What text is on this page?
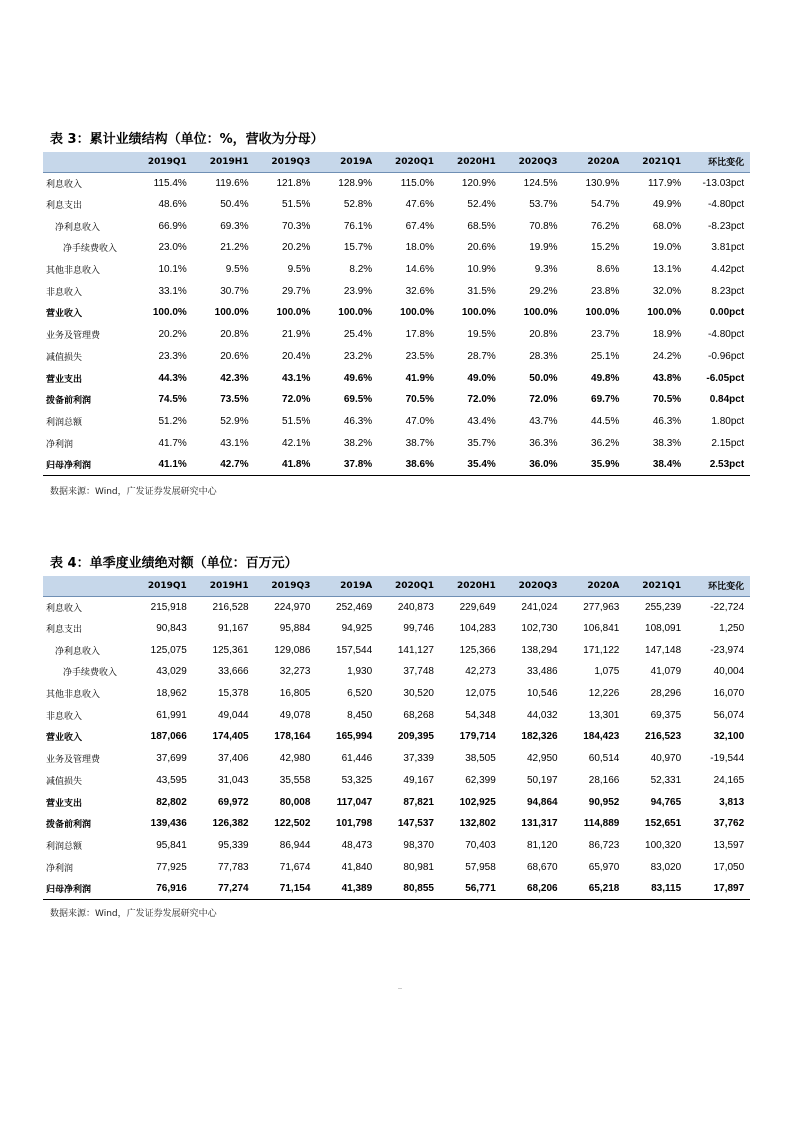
表 3：累计业绩结构（单位：%，营收为分母）
	2019Q1	2019H1	2019Q3	2019A	2020Q1	2020H1	2020Q3	2020A	2021Q1	环比变化
利息收入	115.4%	119.6%	121.8%	128.9%	115.0%	120.9%	124.5%	130.9%	117.9%	-13.03pct
利息支出	48.6%	50.4%	51.5%	52.8%	47.6%	52.4%	53.7%	54.7%	49.9%	-4.80pct
净利息收入	66.9%	69.3%	70.3%	76.1%	67.4%	68.5%	70.8%	76.2%	68.0%	-8.23pct
净手续费收入	23.0%	21.2%	20.2%	15.7%	18.0%	20.6%	19.9%	15.2%	19.0%	3.81pct
其他非息收入	10.1%	9.5%	9.5%	8.2%	14.6%	10.9%	9.3%	8.6%	13.1%	4.42pct
非息收入	33.1%	30.7%	29.7%	23.9%	32.6%	31.5%	29.2%	23.8%	32.0%	8.23pct
营业收入	100.0%	100.0%	100.0%	100.0%	100.0%	100.0%	100.0%	100.0%	100.0%	0.00pct
业务及管理费	20.2%	20.8%	21.9%	25.4%	17.8%	19.5%	20.8%	23.7%	18.9%	-4.80pct
减值损失	23.3%	20.6%	20.4%	23.2%	23.5%	28.7%	28.3%	25.1%	24.2%	-0.96pct
营业支出	44.3%	42.3%	43.1%	49.6%	41.9%	49.0%	50.0%	49.8%	43.8%	-6.05pct
拨备前利润	74.5%	73.5%	72.0%	69.5%	70.5%	72.0%	72.0%	69.7%	70.5%	0.84pct
利润总额	51.2%	52.9%	51.5%	46.3%	47.0%	43.4%	43.7%	44.5%	46.3%	1.80pct
净利润	41.7%	43.1%	42.1%	38.2%	38.7%	35.7%	36.3%	36.2%	38.3%	2.15pct
归母净利润	41.1%	42.7%	41.8%	37.8%	38.6%	35.4%	36.0%	35.9%	38.4%	2.53pct
数据来源：Wind，广发证券发展研究中心
表 4：单季度业绩绝对额（单位：百万元）
	2019Q1	2019H1	2019Q3	2019A	2020Q1	2020H1	2020Q3	2020A	2021Q1	环比变化
利息收入	215,918	216,528	224,970	252,469	240,873	229,649	241,024	277,963	255,239	-22,724
利息支出	90,843	91,167	95,884	94,925	99,746	104,283	102,730	106,841	108,091	1,250
净利息收入	125,075	125,361	129,086	157,544	141,127	125,366	138,294	171,122	147,148	-23,974
净手续费收入	43,029	33,666	32,273	1,930	37,748	42,273	33,486	1,075	41,079	40,004
其他非息收入	18,962	15,378	16,805	6,520	30,520	12,075	10,546	12,226	28,296	16,070
非息收入	61,991	49,044	49,078	8,450	68,268	54,348	44,032	13,301	69,375	56,074
营业收入	187,066	174,405	178,164	165,994	209,395	179,714	182,326	184,423	216,523	32,100
业务及管理费	37,699	37,406	42,980	61,446	37,339	38,505	42,950	60,514	40,970	-19,544
减值损失	43,595	31,043	35,558	53,325	49,167	62,399	50,197	28,166	52,331	24,165
营业支出	82,802	69,972	80,008	117,047	87,821	102,925	94,864	90,952	94,765	3,813
拨备前利润	139,436	126,382	122,502	101,798	147,537	132,802	131,317	114,889	152,651	37,762
利润总额	95,841	95,339	86,944	48,473	98,370	70,403	81,120	86,723	100,320	13,597
净利润	77,925	77,783	71,674	41,840	80,981	57,958	68,670	65,970	83,020	17,050
归母净利润	76,916	77,274	71,154	41,389	80,855	56,771	68,206	65,218	83,115	17,897
数据来源：Wind，广发证券发展研究中心
